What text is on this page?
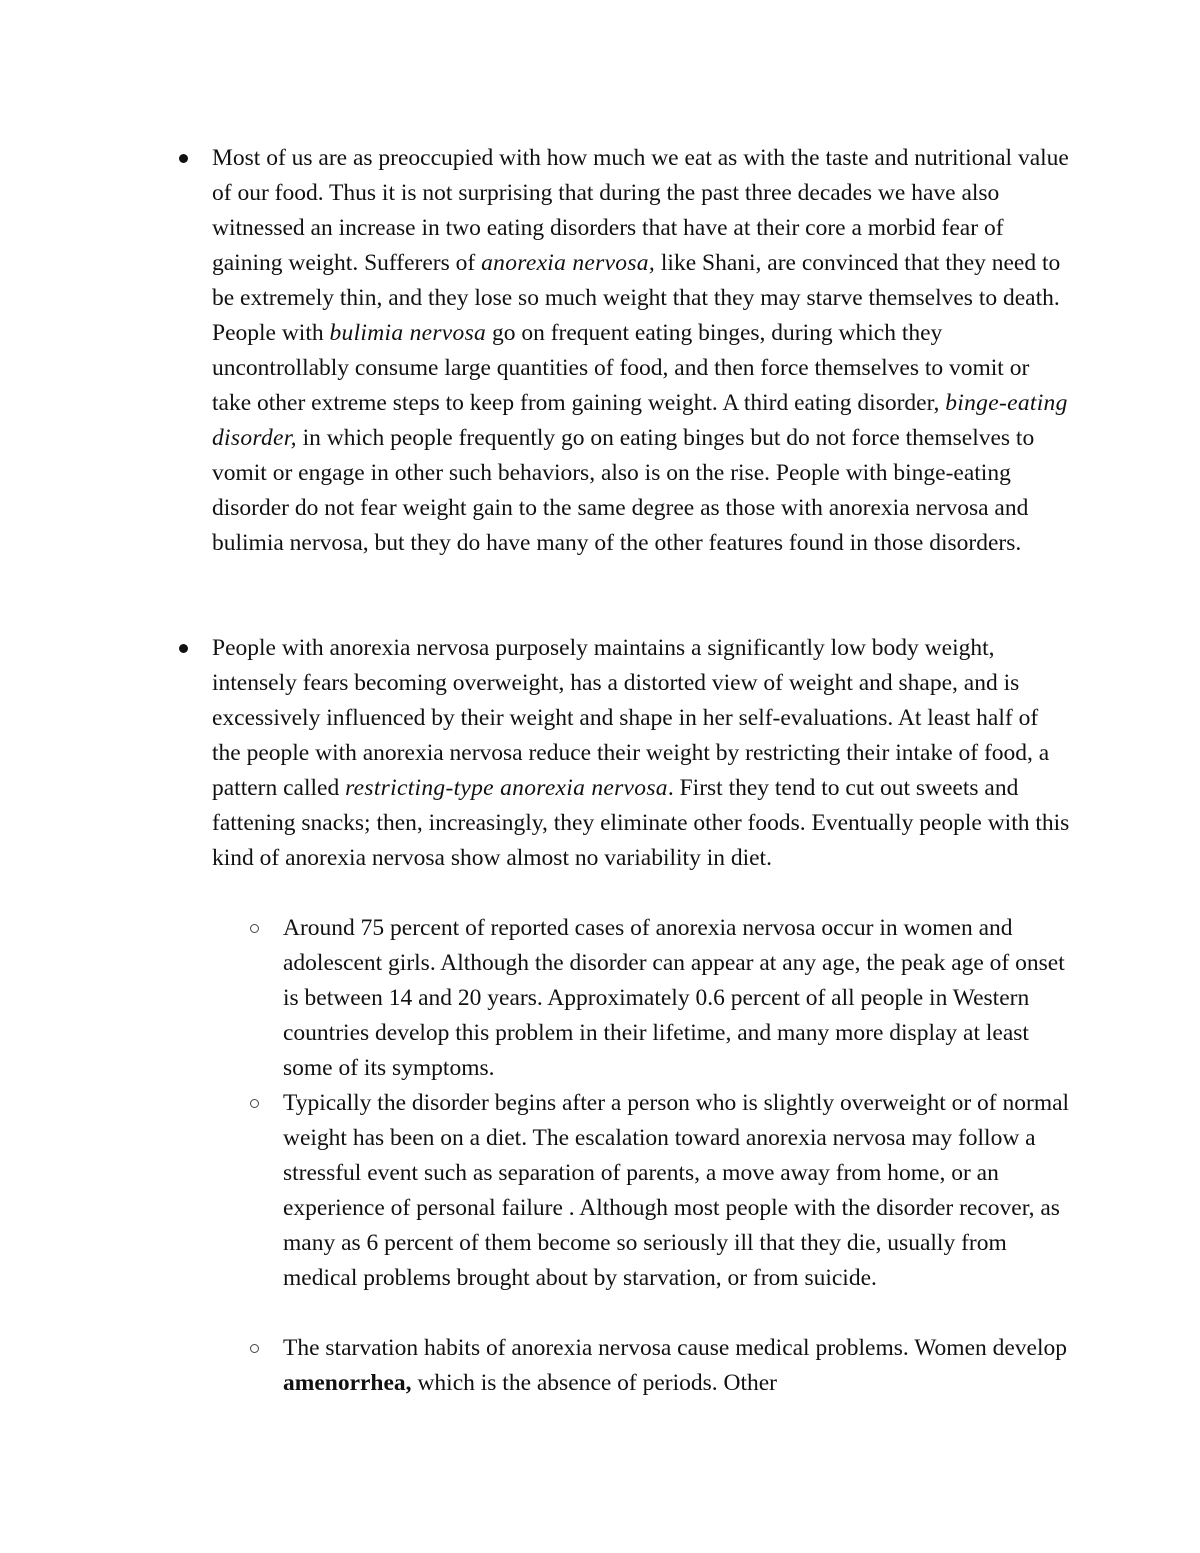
Most of us are as preoccupied with how much we eat as with the taste and nutritional value of our food. Thus it is not surprising that during the past three decades we have also witnessed an increase in two eating disorders that have at their core a morbid fear of gaining weight. Sufferers of anorexia nervosa, like Shani, are convinced that they need to be extremely thin, and they lose so much weight that they may starve themselves to death. People with bulimia nervosa go on frequent eating binges, during which they uncontrollably consume large quantities of food, and then force themselves to vomit or take other extreme steps to keep from gaining weight. A third eating disorder, binge-eating disorder, in which people frequently go on eating binges but do not force themselves to vomit or engage in other such behaviors, also is on the rise. People with binge-eating disorder do not fear weight gain to the same degree as those with anorexia nervosa and bulimia nervosa, but they do have many of the other features found in those disorders.
People with anorexia nervosa purposely maintains a significantly low body weight, intensely fears becoming overweight, has a distorted view of weight and shape, and is excessively influenced by their weight and shape in her self-evaluations. At least half of the people with anorexia nervosa reduce their weight by restricting their intake of food, a pattern called restricting-type anorexia nervosa. First they tend to cut out sweets and fattening snacks; then, increasingly, they eliminate other foods. Eventually people with this kind of anorexia nervosa show almost no variability in diet.
Around 75 percent of reported cases of anorexia nervosa occur in women and adolescent girls. Although the disorder can appear at any age, the peak age of onset is between 14 and 20 years. Approximately 0.6 percent of all people in Western countries develop this problem in their lifetime, and many more display at least some of its symptoms.
Typically the disorder begins after a person who is slightly overweight or of normal weight has been on a diet. The escalation toward anorexia nervosa may follow a stressful event such as separation of parents, a move away from home, or an experience of personal failure . Although most people with the disorder recover, as many as 6 percent of them become so seriously ill that they die, usually from medical problems brought about by starvation, or from suicide.
The starvation habits of anorexia nervosa cause medical problems. Women develop amenorrhea, which is the absence of periods. Other
